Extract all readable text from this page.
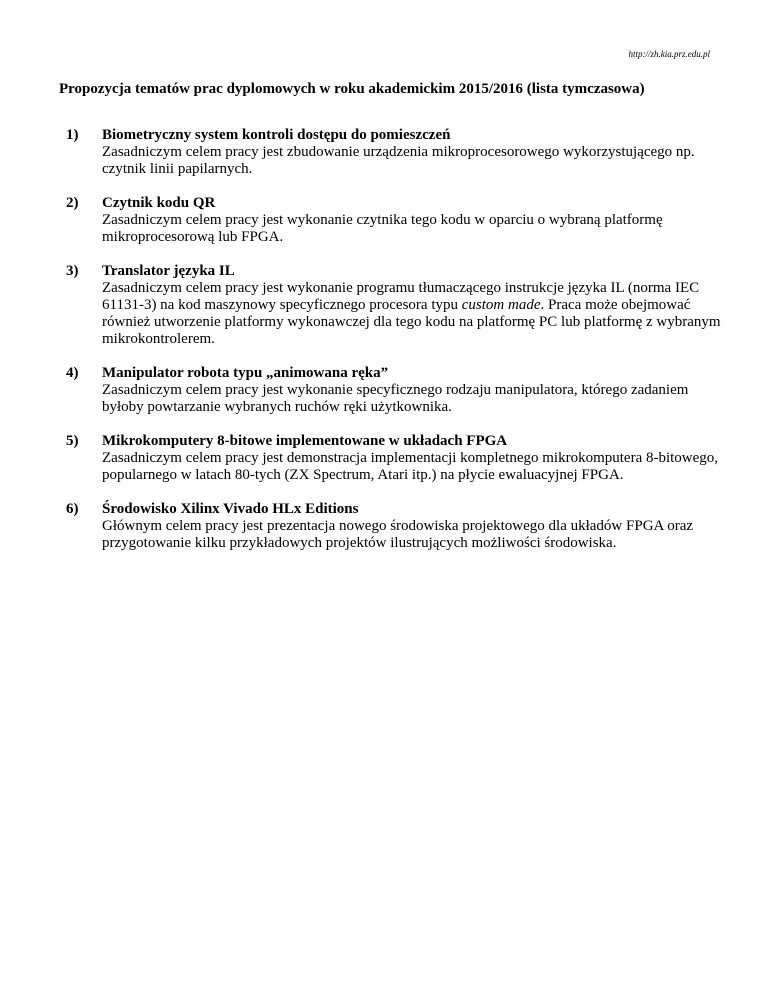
http://zh.kia.prz.edu.pl
Propozycja tematów prac dyplomowych w roku akademickim 2015/2016 (lista tymczasowa)
1) Biometryczny system kontroli dostępu do pomieszczeń
Zasadniczym celem pracy jest zbudowanie urządzenia mikroprocesorowego wykorzystującego np. czytnik linii papilarnych.
2) Czytnik kodu QR
Zasadniczym celem pracy jest wykonanie czytnika tego kodu w oparciu o wybraną platformę mikroprocesorową lub FPGA.
3) Translator języka IL
Zasadniczym celem pracy jest wykonanie programu tłumaczącego instrukcje języka IL (norma IEC 61131-3) na kod maszynowy specyficznego procesora typu custom made. Praca może obejmować również utworzenie platformy wykonawczej dla tego kodu na platformę PC lub platformę z wybranym mikrokontrolerem.
4) Manipulator robota typu „animowana ręka”
Zasadniczym celem pracy jest wykonanie specyficznego rodzaju manipulatora, którego zadaniem byłoby powtarzanie wybranych ruchów ręki użytkownika.
5) Mikrokomputery 8-bitowe implementowane w układach FPGA
Zasadniczym celem pracy jest demonstracja implementacji kompletnego mikrokomputera 8-bitowego, popularnego w latach 80-tych (ZX Spectrum, Atari itp.) na płycie ewaluacyjnej FPGA.
6) Środowisko Xilinx Vivado HLx Editions
Głównym celem pracy jest prezentacja nowego środowiska projektowego dla układów FPGA oraz przygotowanie kilku przykładowych projektów ilustrujących możliwości środowiska.
